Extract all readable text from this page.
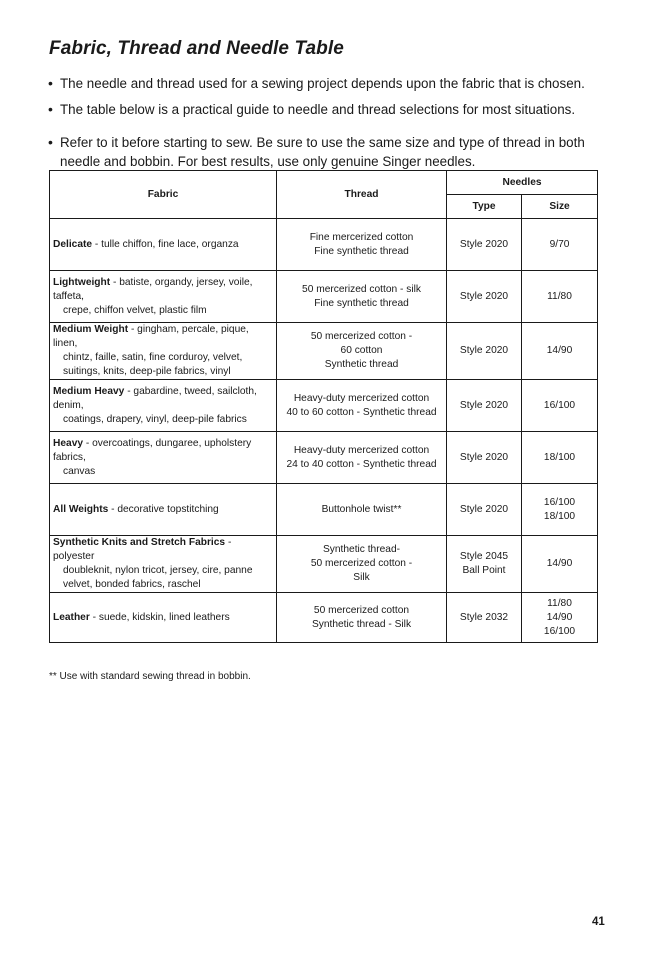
Fabric, Thread and Needle Table

• The needle and thread used for a sewing project depends upon the fabric that is chosen.

• The table below is a practical guide to needle and thread selections for most situations.

• Refer to it before starting to sew. Be sure to use the same size and type of thread in both needle and bobbin. For best results, use only genuine Singer needles.

Fabric	Thread	Needles	
		Type	Size

Delicate - tulle chiffon, fine lace, organza	Fine mercerized cotton
Fine synthetic thread	Style 2020	9/70

Lightweight - batiste, organdy, jersey, voile, taffeta,
crepe, chiffon velvet, plastic film	50 mercerized cotton - silk
Fine synthetic thread	Style 2020	11/80

Medium Weight - gingham, percale, pique, linen,
chintz, faille, satin, fine corduroy, velvet,
suitings, knits, deep-pile fabrics, vinyl	50 mercerized cotton -
60 cotton
Synthetic thread	Style 2020	14/90

Medium Heavy - gabardine, tweed, sailcloth, denim,
coatings, drapery, vinyl, deep-pile fabrics	Heavy-duty mercerized cotton
40 to 60 cotton - Synthetic thread	Style 2020	16/100

Heavy - overcoatings, dungaree, upholstery fabrics,
canvas	Heavy-duty mercerized cotton
24 to 40 cotton - Synthetic thread	Style 2020	18/100

All Weights - decorative topstitching	Buttonhole twist**	Style 2020	16/100
18/100

Synthetic Knits and Stretch Fabrics - polyester
doubleknit, nylon tricot, jersey, cire, panne
velvet, bonded fabrics, raschel	Synthetic thread-
50 mercerized cotton -
Silk	Style 2045
Ball Point	14/90

Leather - suede, kidskin, lined leathers	50 mercerized cotton
Synthetic thread - Silk	Style 2032	11/80
14/90
16/100
** Use with standard sewing thread in bobbin.
41
